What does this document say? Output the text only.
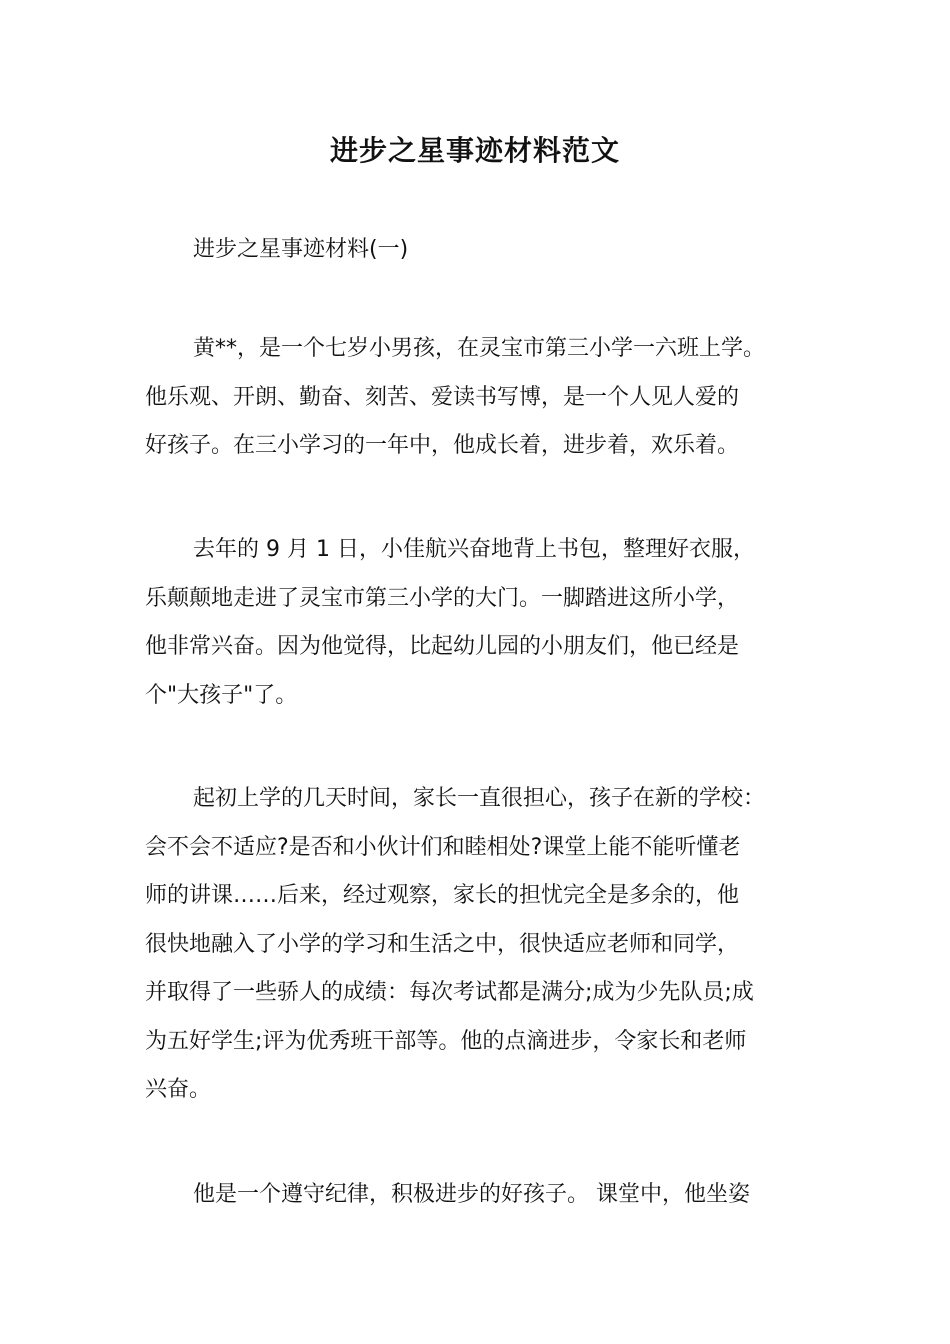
进步之星事迹材料范文
进步之星事迹材料(一)
黄**，是一个七岁小男孩，在灵宝市第三小学一六班上学。
他乐观、开朗、勤奋、刻苦、爱读书写博，是一个人见人爱的
好孩子。在三小学习的一年中，他成长着，进步着，欢乐着。
去年的 9 月 1 日，小佳航兴奋地背上书包，整理好衣服，
乐颠颠地走进了灵宝市第三小学的大门。一脚踏进这所小学，
他非常兴奋。因为他觉得，比起幼儿园的小朋友们，他已经是
个"大孩子"了。
起初上学的几天时间，家长一直很担心，孩子在新的学校：
会不会不适应?是否和小伙计们和睦相处?课堂上能不能听懂老
师的讲课……后来，经过观察，家长的担忧完全是多余的，他
很快地融入了小学的学习和生活之中，很快适应老师和同学，
并取得了一些骄人的成绩：每次考试都是满分;成为少先队员;成
为五好学生;评为优秀班干部等。他的点滴进步，令家长和老师
兴奋。
他是一个遵守纪律，积极进步的好孩子。 课堂中，他坐姿
